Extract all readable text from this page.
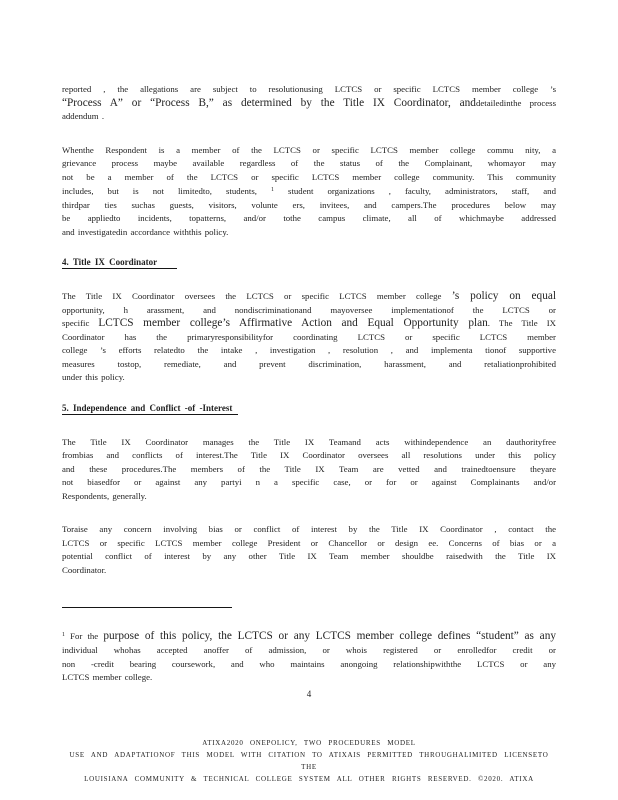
reported , the allegations are subject to resolutionusing LCTCS or specific LCTCS member college ’s
“Process A” or “Process B,” as determined by the Title IX Coordinator, anddetailedinthe process
addendum .
Whenthe Respondent is a member of the LCTCS or specific LCTCS member college commu nity, a
grievance process maybe available regardless of the status of the Complainant, whomayor may
not be a member of the LCTCS or specific LCTCS member college community. This community
includes, but is not limitedto, students, $^1$ student organizations , faculty, administrators, staff, and
thirdpar ties suchas guests, visitors, volunte ers, invitees, and campers.The procedures below may
be appliedto incidents, topatterns, and/or tothe campus climate, all of whichmaybe addressed
and investigatedin accordance withthis policy.
4. Title IX Coordinator
The Title IX Coordinator oversees the LCTCS or specific LCTCS member college ’s policy on equal
opportunity, h arassment, and nondiscriminationand mayoversee implementationof the LCTCS or
specific LCTCS member college’s Affirmative Action and Equal Opportunity plan. The Title IX
Coordinator has the primaryresponsibilityfor coordinating LCTCS or specific LCTCS member
college ’s efforts relatedto the intake , investigation , resolution , and implementa tionof supportive
measures tostop, remediate, and prevent discrimination, harassment, and retaliationprohibited
under this policy.
5. Independence and Conflict -of -Interest
The Title IX Coordinator manages the Title IX Teamand acts withindependence an dauthorityfree
frombias and conflicts of interest.The Title IX Coordinator oversees all resolutions under this policy
and these procedures.The members of the Title IX Team are vetted and trainedtoensure theyare
not biasedfor or against any partyi n a specific case, or for or against Complainants and/or
Respondents, generally.
Toraise any concern involving bias or conflict of interest by the Title IX Coordinator , contact the
LCTCS or specific LCTCS member college President or Chancellor or design ee. Concerns of bias or a
potential conflict of interest by any other Title IX Team member shouldbe raisedwith the Title IX
Coordinator.
$^1$ For the purpose of this policy, the LCTCS or any LCTCS member college defines “student” as any
individual whohas accepted anoffer of admission, or whois registered or enrolledfor credit or
non -credit bearing coursework, and who maintains anongoing relationshipwiththe LCTCS or any
LCTCS member college.
4
ATIXA2020 ONEPOLICY, TWO PROCEDURES MODEL
USE AND ADAPTATIONOF THIS MODEL WITH CITATION TO ATIXAIS PERMITTED THROUGHALIMITED LICENSETO THE
LOUISIANA COMMUNITY & TECHNICAL COLLEGE SYSTEM ALL OTHER RIGHTS RESERVED. ©2020. ATIXA
